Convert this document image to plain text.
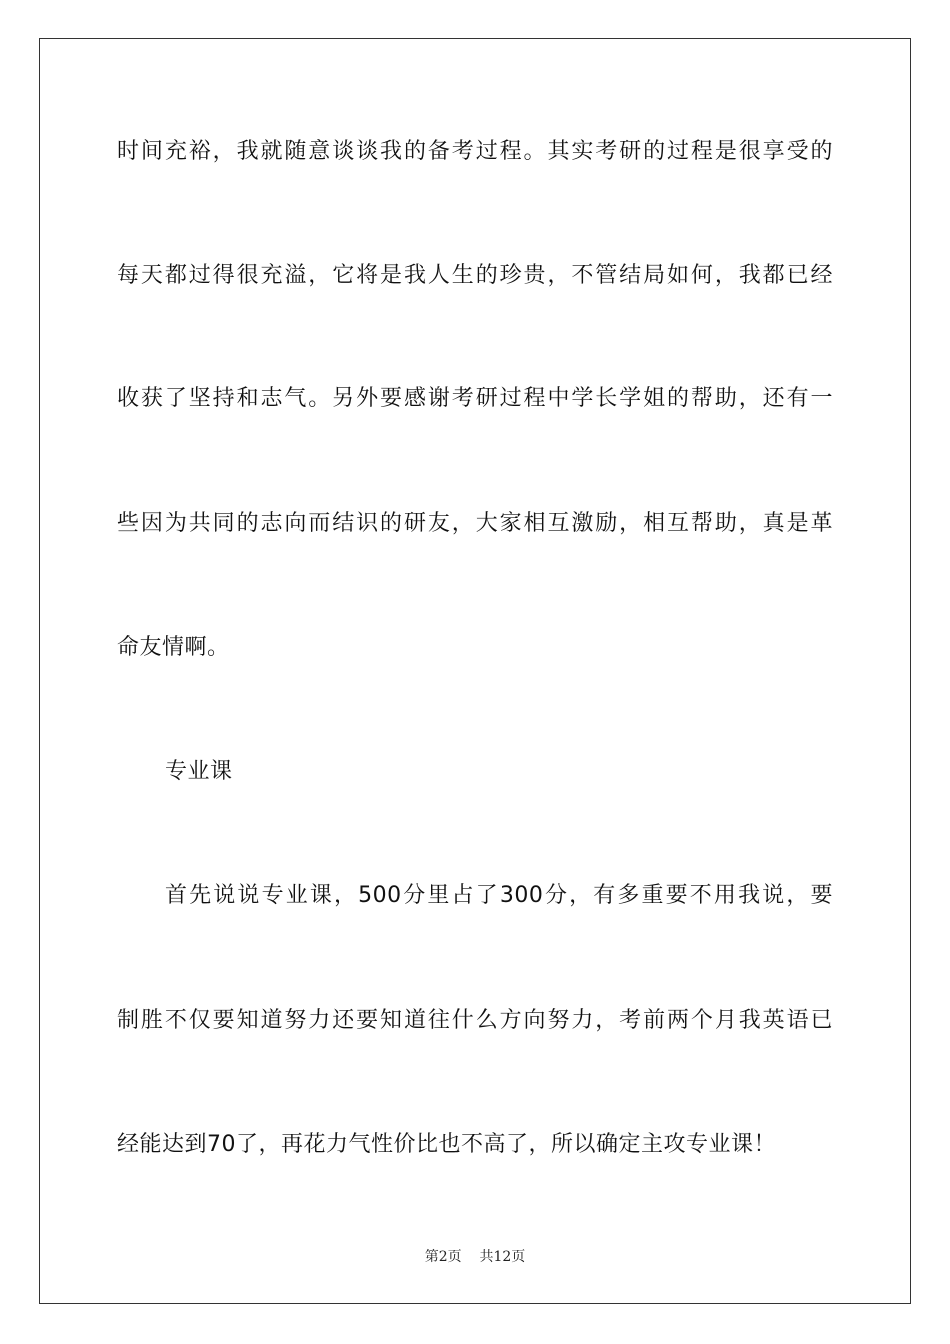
时间充裕，我就随意谈谈我的备考过程。其实考研的过程是很享受的
每天都过得很充溢，它将是我人生的珍贵，不管结局如何，我都已经
收获了坚持和志气。另外要感谢考研过程中学长学姐的帮助，还有一
些因为共同的志向而结识的研友，大家相互激励，相互帮助，真是革
命友情啊。
专业课
首先说说专业课，500分里占了300分，有多重要不用我说，要
制胜不仅要知道努力还要知道往什么方向努力，考前两个月我英语已
经能达到70了，再花力气性价比也不高了，所以确定主攻专业课！
第2页    共12页
